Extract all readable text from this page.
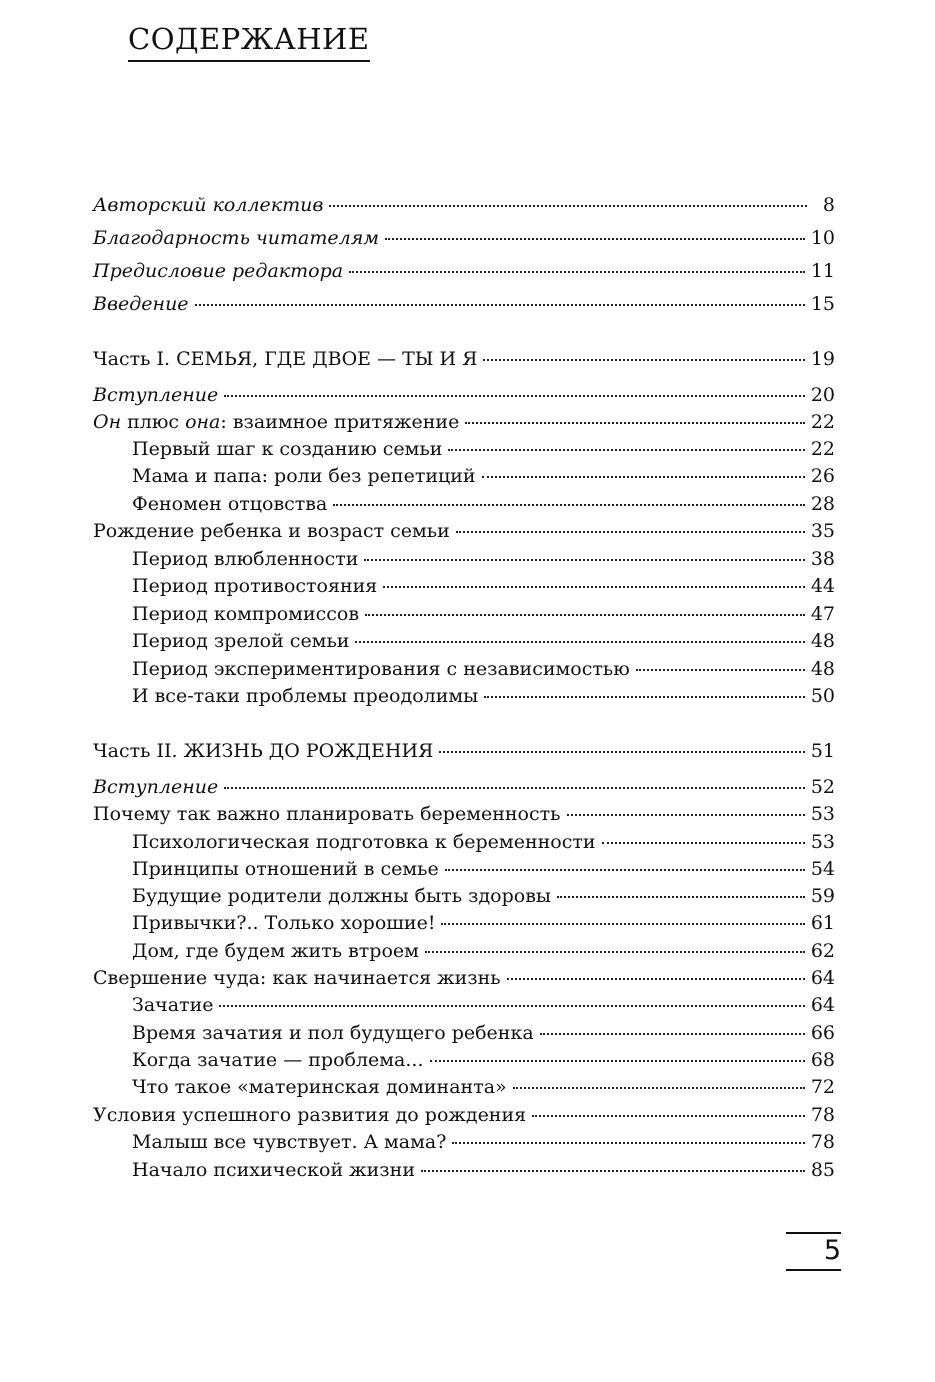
СОДЕРЖАНИЕ
Авторский коллектив	8
Благодарность читателям	10
Предисловие редактора	11
Введение	15
Часть I. СЕМЬЯ, ГДЕ ДВОЕ — ТЫ И Я	19
Вступление	20
Он плюс она: взаимное притяжение	22
Первый шаг к созданию семьи	22
Мама и папа: роли без репетиций	26
Феномен отцовства	28
Рождение ребенка и возраст семьи	35
Период влюбленности	38
Период противостояния	44
Период компромиссов	47
Период зрелой семьи	48
Период экспериментирования с независимостью	48
И все-таки проблемы преодолимы	50
Часть II. ЖИЗНЬ ДО РОЖДЕНИЯ	51
Вступление	52
Почему так важно планировать беременность	53
Психологическая подготовка к беременности	53
Принципы отношений в семье	54
Будущие родители должны быть здоровы	59
Привычки?.. Только хорошие!	61
Дом, где будем жить втроем	62
Свершение чуда: как начинается жизнь	64
Зачатие	64
Время зачатия и пол будущего ребенка	66
Когда зачатие — проблема...	68
Что такое «материнская доминанта»	72
Условия успешного развития до рождения	78
Малыш все чувствует. А мама?	78
Начало психической жизни	85
5
